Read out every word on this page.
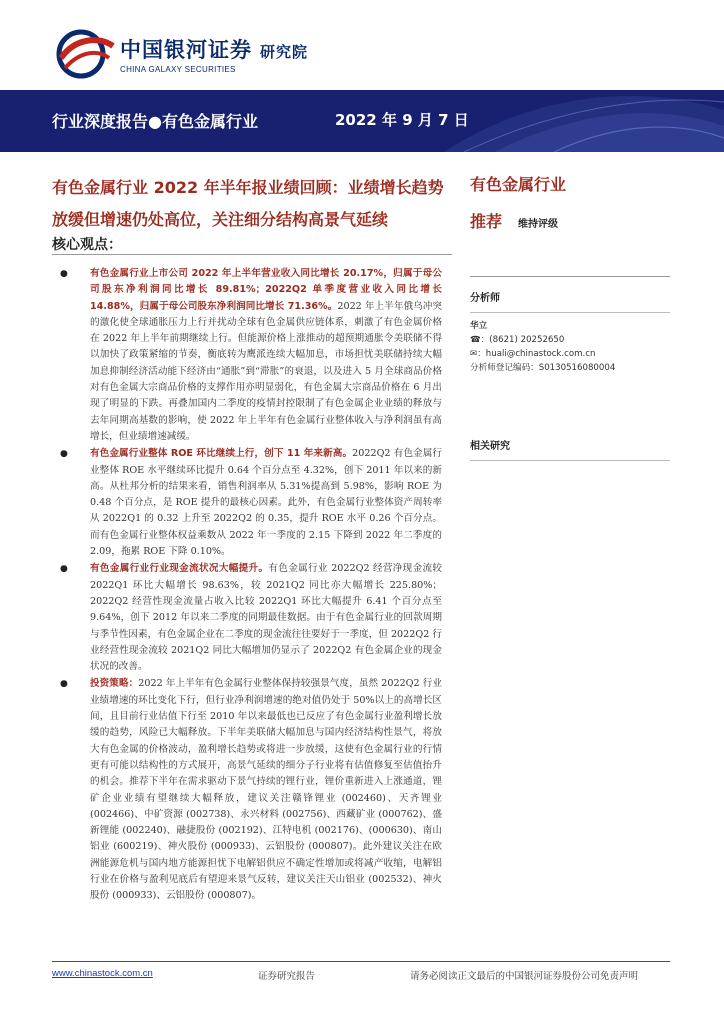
中国银河证券 研究院
CHINA GALAXY SECURITIES
行业深度报告●有色金属行业	2022 年 9 月 7 日
有色金属行业 2022 年半年报业绩回顾：业绩增长趋势放缓但增速仍处高位，关注细分结构高景气延续
核心观点：
● 有色金属行业上市公司 2022 年上半年营业收入同比增长 20.17%，归属于母公司股东净利润同比增长 89.81%；2022Q2 单季度营业收入同比增长 14.88%，归属于母公司股东净利润同比增长 71.36%。2022 年上半年俄乌冲突的激化使全球通胀压力上行并扰动全球有色金属供应链体系，刺激了有色金属价格在 2022 年上半年前期继续上行。但能源价格上涨推动的超预期通胀令美联储不得以加快了政策紧缩的节奏，衡底转为鹰派连续大幅加息，市场担忧美联储持续大幅加息抑制经济活动能下经济由“通胀”到“滞胀”的衰退，以及进入 5 月全球商品价格对有色金属大宗商品价格的支撑作用亦明显弱化，有色金属大宗商品价格在 6 月出现了明显的下跌。再叠加国内二季度的疫情封控限制了有色金属企业业绩的释放与去年同期高基数的影响，使 2022 年上半年有色金属行业整体收入与净利润虽有高增长，但业绩增速减缓。
● 有色金属行业整体 ROE 环比继续上行，创下 11 年来新高。2022Q2 有色金属行业整体 ROE 水平继续环比提升 0.64 个百分点至 4.32%，创下 2011 年以来的新高。从杜邦分析的结果来看，销售利润率从 5.31%提高到 5.98%，影响 ROE 为 0.48 个百分点，是 ROE 提升的最核心因素。此外，有色金属行业整体资产周转率从 2022Q1 的 0.32 上升至 2022Q2 的 0.35，提升 ROE 水平 0.26 个百分点。而有色金属行业整体权益乘数从 2022 年一季度的 2.15 下降到 2022 年二季度的 2.09，拖累 ROE 下降 0.10%。
● 有色金属行业行业现金流状况大幅提升。有色金属行业 2022Q2 经营净现金流较 2022Q1 环比大幅增长 98.63%，较 2021Q2 同比亦大幅增长 225.80%；2022Q2 经营性现金流量占收入比较 2022Q1 环比大幅提升 6.41 个百分点至 9.64%，创下 2012 年以来二季度的同期最佳数据。由于有色金属行业的回款周期与季节性因素，有色金属企业在二季度的现金流往往要好于一季度，但 2022Q2 行业经营性现金流较 2021Q2 同比大幅增加仍显示了 2022Q2 有色金属企业的现金状况的改善。
● 投资策略：2022 年上半年有色金属行业整体保持较强景气度，虽然 2022Q2 行业业绩增速的环比变化下行，但行业净利润增速的绝对值仍处于 50%以上的高增长区间，且目前行业估值下行至 2010 年以来最低也已反应了有色金属行业盈利增长放缓的趋势，风险已大幅释放。下半年美联储大幅加息与国内经济结构性景气，将放大有色金属的价格波动，盈利增长趋势或将进一步放缓，这使有色金属行业的行情更有可能以结构性的方式展开，高景气延续的细分子行业将有估值修复至估值抬升的机会。推荐下半年在需求驱动下景气持续的锂行业，锂价重新进入上涨通道，锂矿企业业绩有望继续大幅释放，建议关注赣锋锂业 (002460)、天齐锂业 (002466)、中矿资源 (002738)、永兴材料 (002756)、西藏矿业 (000762)、盛新锂能 (002240)、融捷股份 (002192)、江特电机 (002176)、(000630)、南山铝业 (600219)、神火股份 (000933)、云铝股份 (000807)。此外建议关注在欧洲能源危机与国内地方能源担忧下电解铝供应不确定性增加或将减产收缩，电解铝行业在价格与盈利见底后有望迎来景气反转，建议关注天山铝业 (002532)、神火股份 (000933)、云铝股份 (000807)。
有色金属行业
推荐 维持评级
分析师
华立
☎：(8621) 20252650
✉：huali@chinastock.com.cn
分析师登记编码：S0130516080004
相关研究
www.chinastock.com.cn	证券研究报告	请务必阅读正文最后的中国银河证券股份公司免责声明
